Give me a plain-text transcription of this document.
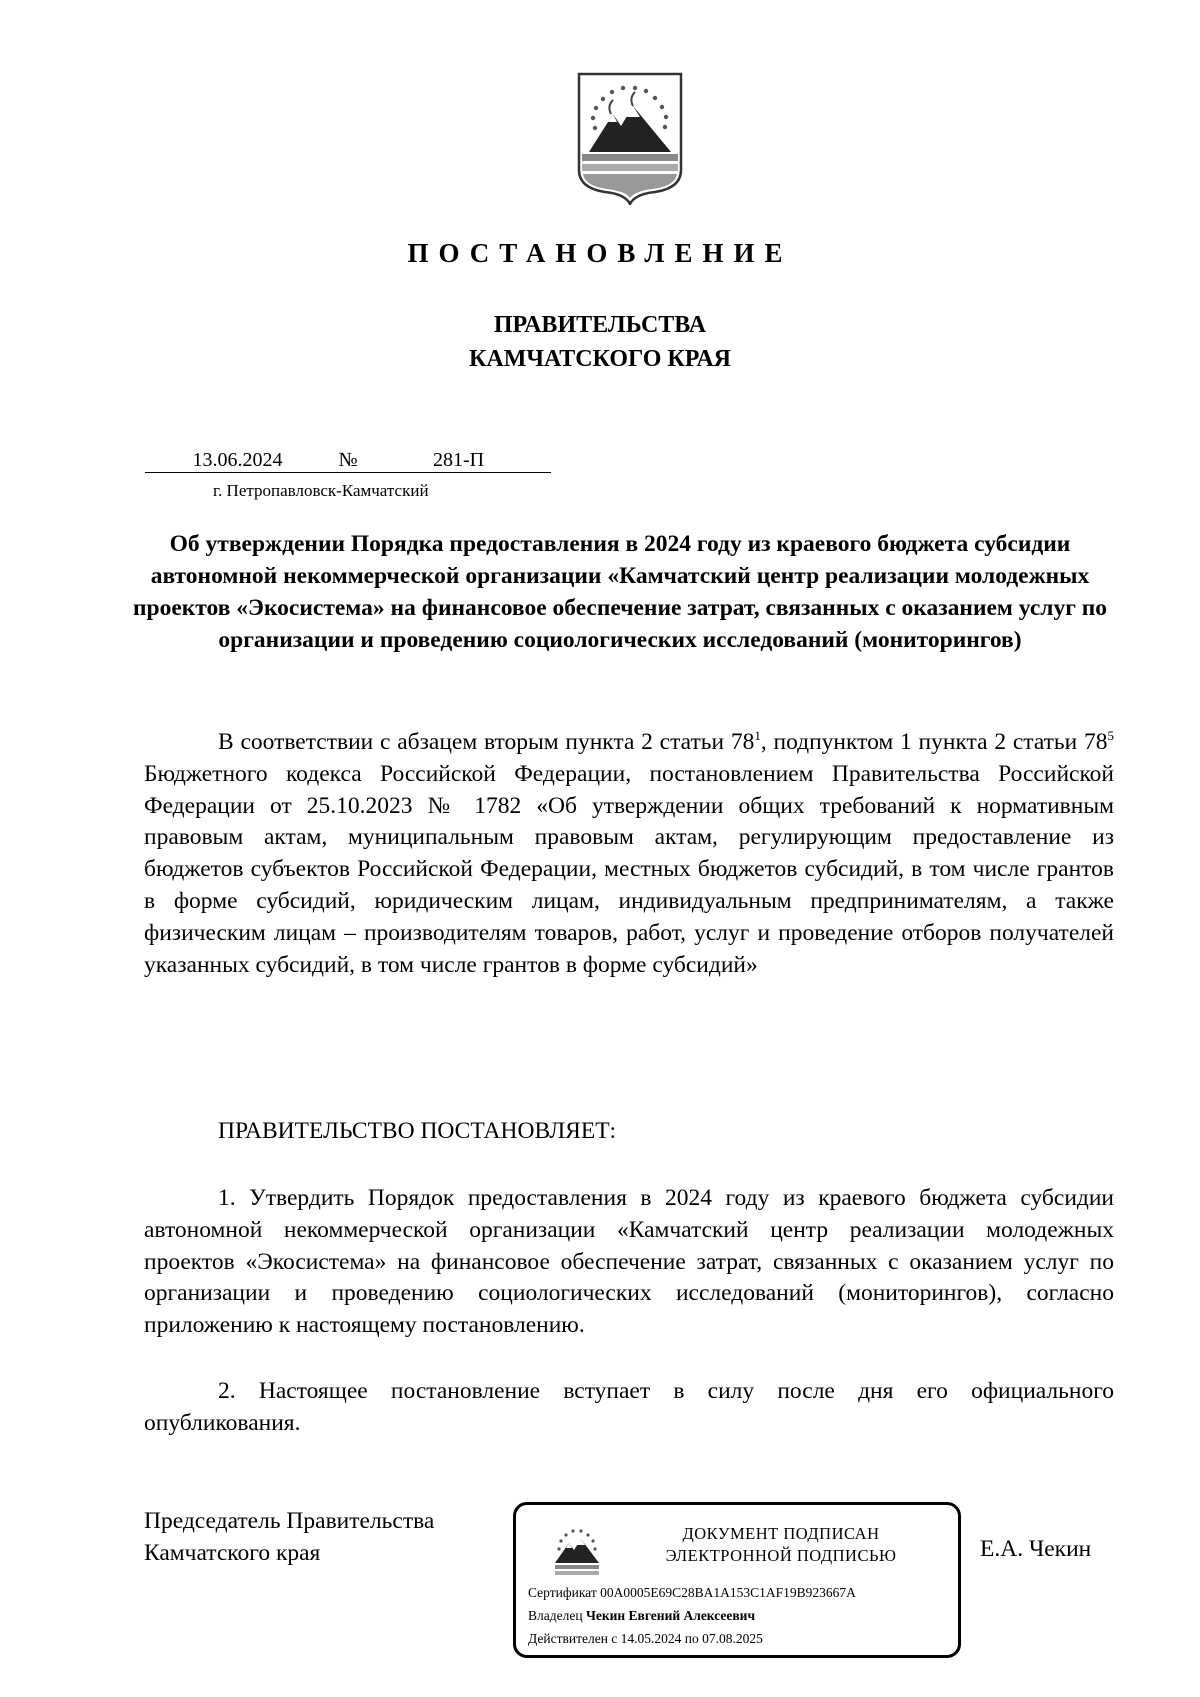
ПОСТАНОВЛЕНИЕ
ПРАВИТЕЛЬСТВА
КАМЧАТСКОГО КРАЯ
13.06.2024	№	281-П
г. Петропавловск-Камчатский
Об утверждении Порядка предоставления в 2024 году из краевого бюджета субсидии автономной некоммерческой организации «Камчатский центр реализации молодежных проектов «Экосистема» на финансовое обеспечение затрат, связанных с оказанием услуг по организации и проведению социологических исследований (мониторингов)
В соответствии с абзацем вторым пункта 2 статьи $78^1$, подпунктом 1 пункта 2 статьи $78^5$ Бюджетного кодекса Российской Федерации, постановлением Правительства Российской Федерации от 25.10.2023 № 1782 «Об утверждении общих требований к нормативным правовым актам, муниципальным правовым актам, регулирующим предоставление из бюджетов субъектов Российской Федерации, местных бюджетов субсидий, в том числе грантов в форме субсидий, юридическим лицам, индивидуальным предпринимателям, а также физическим лицам – производителям товаров, работ, услуг и проведение отборов получателей указанных субсидий, в том числе грантов в форме субсидий»
ПРАВИТЕЛЬСТВО ПОСТАНОВЛЯЕТ:
1. Утвердить Порядок предоставления в 2024 году из краевого бюджета субсидии автономной некоммерческой организации «Камчатский центр реализации молодежных проектов «Экосистема» на финансовое обеспечение затрат, связанных с оказанием услуг по организации и проведению социологических исследований (мониторингов), согласно приложению к настоящему постановлению.
2. Настоящее постановление вступает в силу после дня его официального опубликования.
Председатель Правительства
Камчатского края
ДОКУМЕНТ ПОДПИСАН
ЭЛЕКТРОННОЙ ПОДПИСЬЮ
Сертификат 00A0005E69C28BA1A153C1AF19B923667A
Владелец Чекин Евгений Алексеевич
Действителен с 14.05.2024 по 07.08.2025
Е.А. Чекин
